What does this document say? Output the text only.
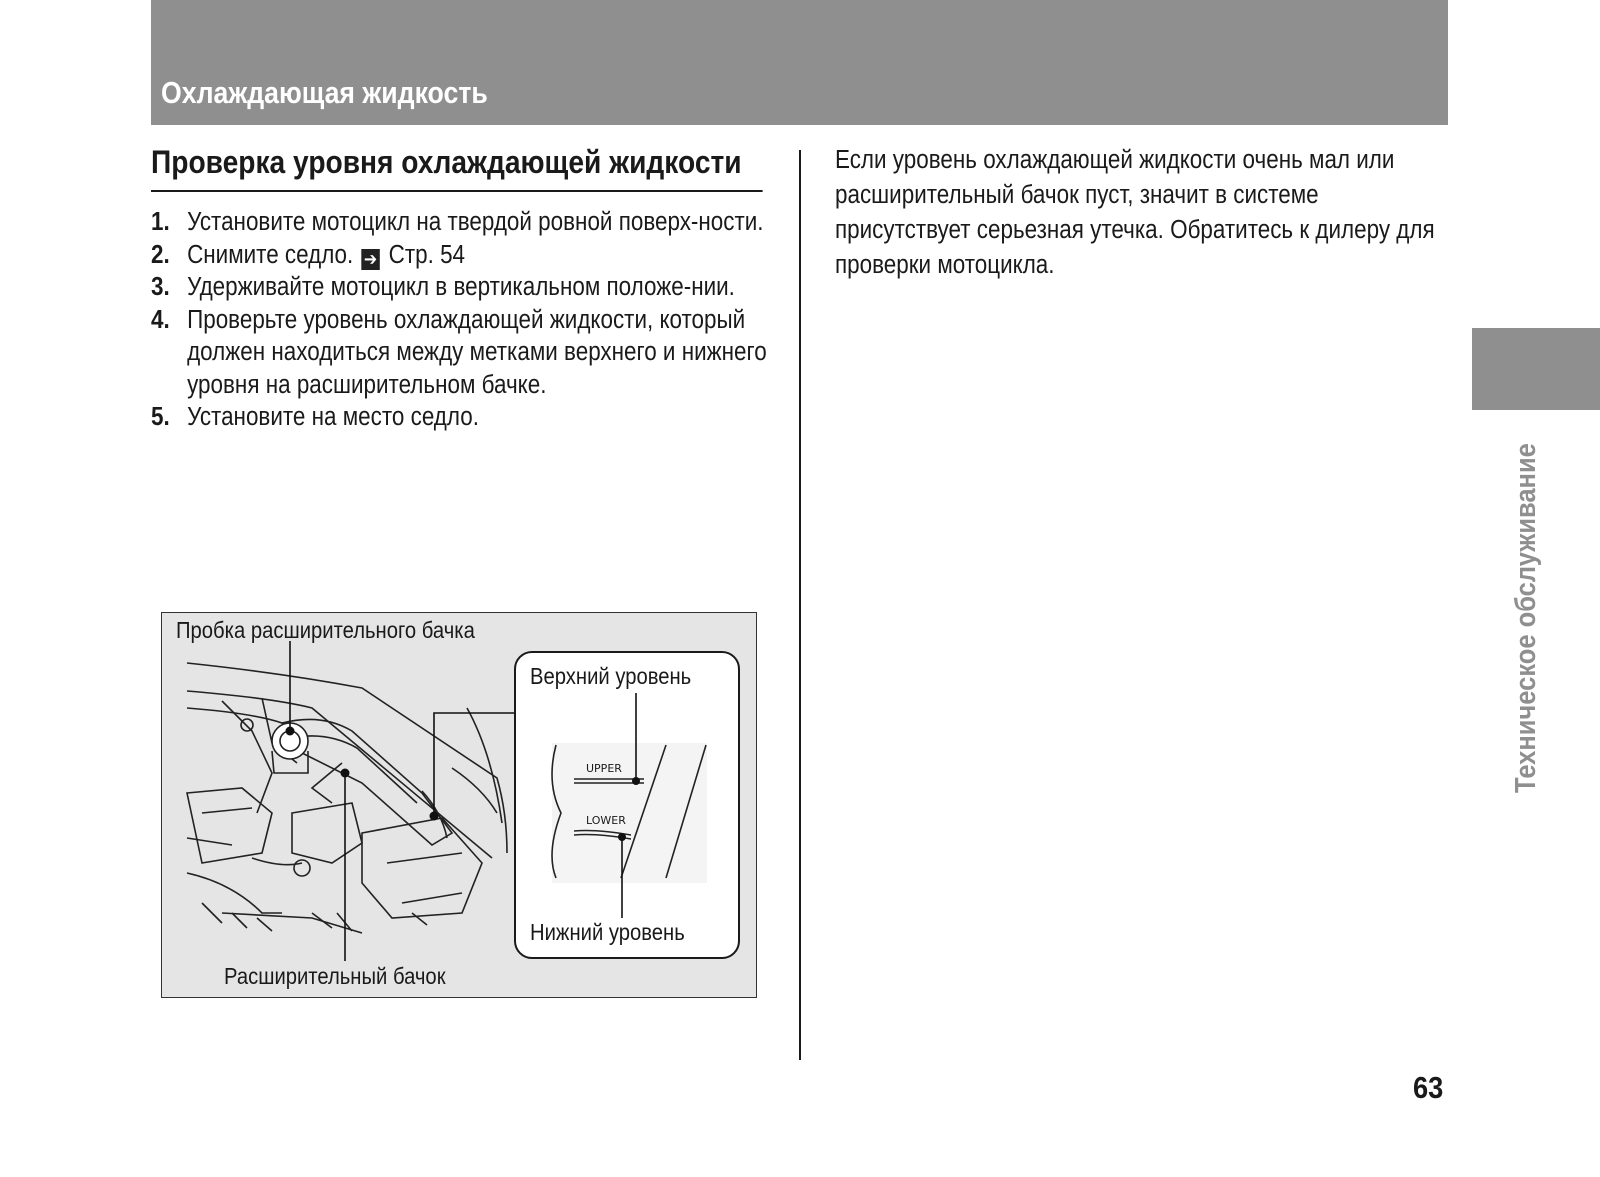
Охлаждающая жидкость
Проверка уровня охлаждающей жидкости
1. Установите мотоцикл на твердой ровной поверх-ности.
2. Снимите седло. ➔ Стр. 54
3. Удерживайте мотоцикл в вертикальном положе-нии.
4. Проверьте уровень охлаждающей жидкости, который должен находиться между метками верхнего и нижнего уровня на расширительном бачке.
5. Установите на место седло.
Пробка расширительного бачка
Расширительный бачок
Верхний уровень
UPPER
LOWER
Нижний уровень

Если уровень охлаждающей жидкости очень мал или расширительный бачок пуст, значит в системе присутствует серьезная утечка. Обратитесь к дилеру для проверки мотоцикла.

Техническое обслуживание
63
